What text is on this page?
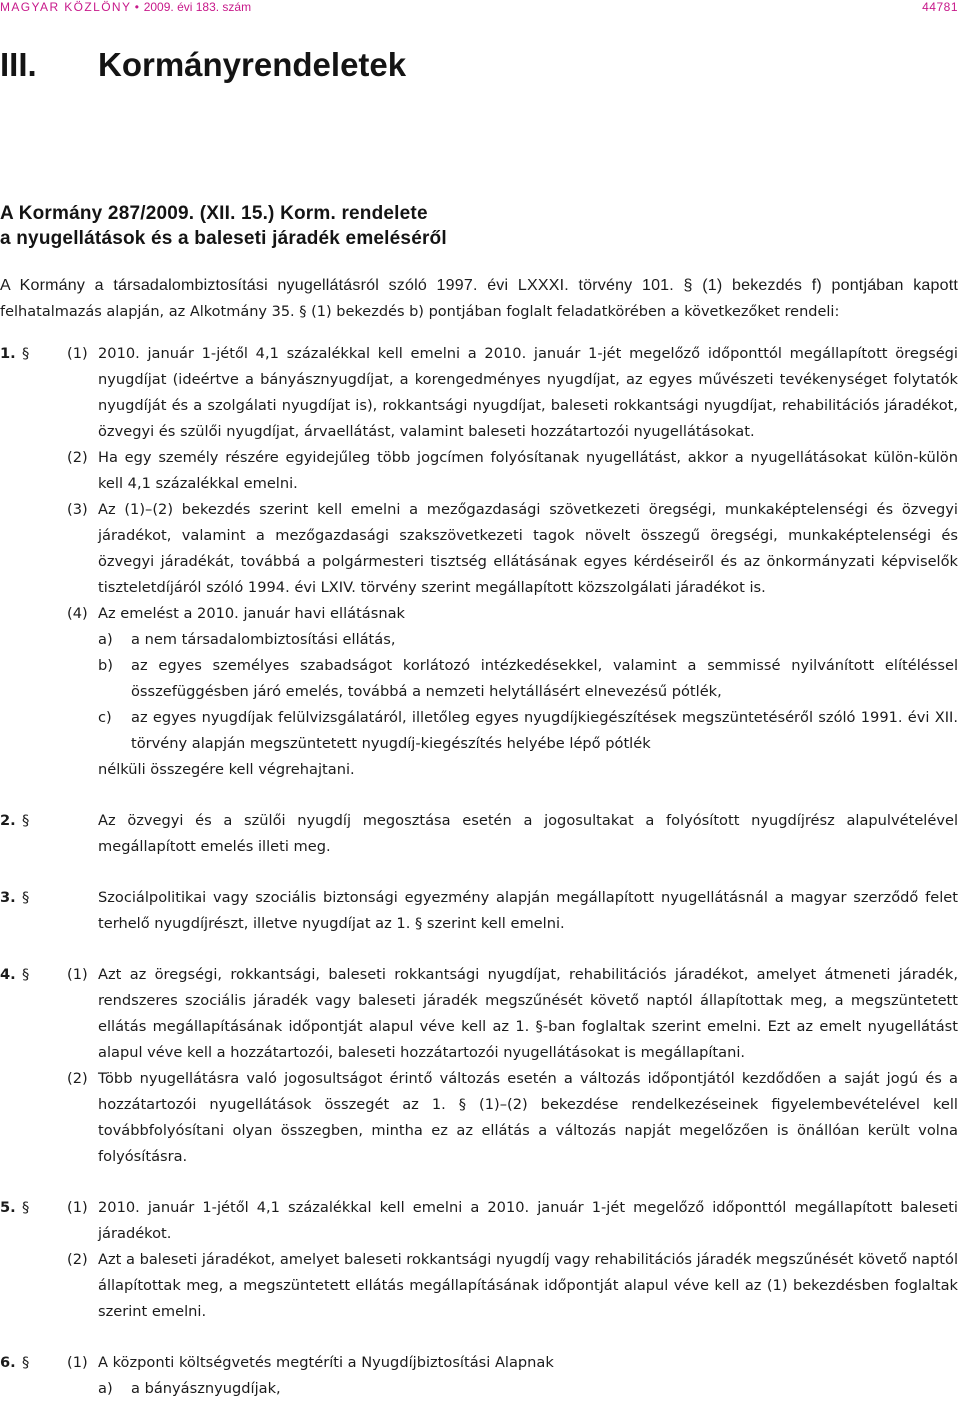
MAGYAR KÖZLÖNY • 2009. évi 183. szám	44781
III. Kormányrendeletek
A Kormány 287/2009. (XII. 15.) Korm. rendelete
a nyugellátások és a baleseti járadék emeléséről
A Kormány a társadalombiztosítási nyugellátásról szóló 1997. évi LXXXI. törvény 101. § (1) bekezdés f) pontjában kapott
felhatalmazás alapján, az Alkotmány 35. § (1) bekezdés b) pontjában foglalt feladatkörében a következőket rendeli:
1. §	(1) 2010. január 1-jétől 4,1 százalékkal kell emelni a 2010. január 1-jét megelőző időponttól megállapított öregségi nyugdíjat (ideértve a bányásznyugdíjat, a korengedményes nyugdíjat, az egyes művészeti tevékenységet folytatók nyugdíját és a szolgálati nyugdíjat is), rokkantsági nyugdíjat, baleseti rokkantsági nyugdíjat, rehabilitációs járadékot, özvegyi és szülői nyugdíjat, árvaellátást, valamint baleseti hozzátartozói nyugellátásokat.
(2) Ha egy személy részére egyidejűleg több jogcímen folyósítanak nyugellátást, akkor a nyugellátásokat külön-külön kell 4,1 százalékkal emelni.
(3) Az (1)–(2) bekezdés szerint kell emelni a mezőgazdasági szövetkezeti öregségi, munkaképtelenségi és özvegyi járadékot, valamint a mezőgazdasági szakszövetkezeti tagok növelt összegű öregségi, munkaképtelenségi és özvegyi járadékát, továbbá a polgármesteri tisztség ellátásának egyes kérdéseiről és az önkormányzati képviselők tiszteletdíjáról szóló 1994. évi LXIV. törvény szerint megállapított közszolgálati járadékot is.
(4) Az emelést a 2010. január havi ellátásnak
a) a nem társadalombiztosítási ellátás,
b) az egyes személyes szabadságot korlátozó intézkedésekkel, valamint a semmissé nyilvánított elítéléssel összefüggésben járó emelés, továbbá a nemzeti helytállásért elnevezésű pótlék,
c) az egyes nyugdíjak felülvizsgálatáról, illetőleg egyes nyugdíjkiegészítések megszüntetéséről szóló 1991. évi XII. törvény alapján megszüntetett nyugdíj-kiegészítés helyébe lépő pótlék
nélküli összegére kell végrehajtani.
2. §	Az özvegyi és a szülői nyugdíj megosztása esetén a jogosultakat a folyósított nyugdíjrész alapulvételével megállapított emelés illeti meg.
3. §	Szociálpolitikai vagy szociális biztonsági egyezmény alapján megállapított nyugellátásnál a magyar szerződő felet terhelő nyugdíjrészt, illetve nyugdíjat az 1. § szerint kell emelni.
4. §	(1) Azt az öregségi, rokkantsági, baleseti rokkantsági nyugdíjat, rehabilitációs járadékot, amelyet átmeneti járadék, rendszeres szociális járadék vagy baleseti járadék megszűnését követő naptól állapítottak meg, a megszüntetett ellátás megállapításának időpontját alapul véve kell az 1. §-ban foglaltak szerint emelni. Ezt az emelt nyugellátást alapul véve kell a hozzátartozói, baleseti hozzátartozói nyugellátásokat is megállapítani.
(2) Több nyugellátásra való jogosultságot érintő változás esetén a változás időpontjától kezdődően a saját jogú és a hozzátartozói nyugellátások összegét az 1. § (1)–(2) bekezdése rendelkezéseinek figyelembevételével kell továbbfolyósítani olyan összegben, mintha ez az ellátás a változás napját megelőzően is önállóan került volna folyósításra.
5. §	(1) 2010. január 1-jétől 4,1 százalékkal kell emelni a 2010. január 1-jét megelőző időponttól megállapított baleseti járadékot.
(2) Azt a baleseti járadékot, amelyet baleseti rokkantsági nyugdíj vagy rehabilitációs járadék megszűnését követő naptól állapítottak meg, a megszüntetett ellátás megállapításának időpontját alapul véve kell az (1) bekezdésben foglaltak szerint emelni.
6. §	(1) A központi költségvetés megtéríti a Nyugdíjbiztosítási Alapnak
a) a bányásznyugdíjak,
